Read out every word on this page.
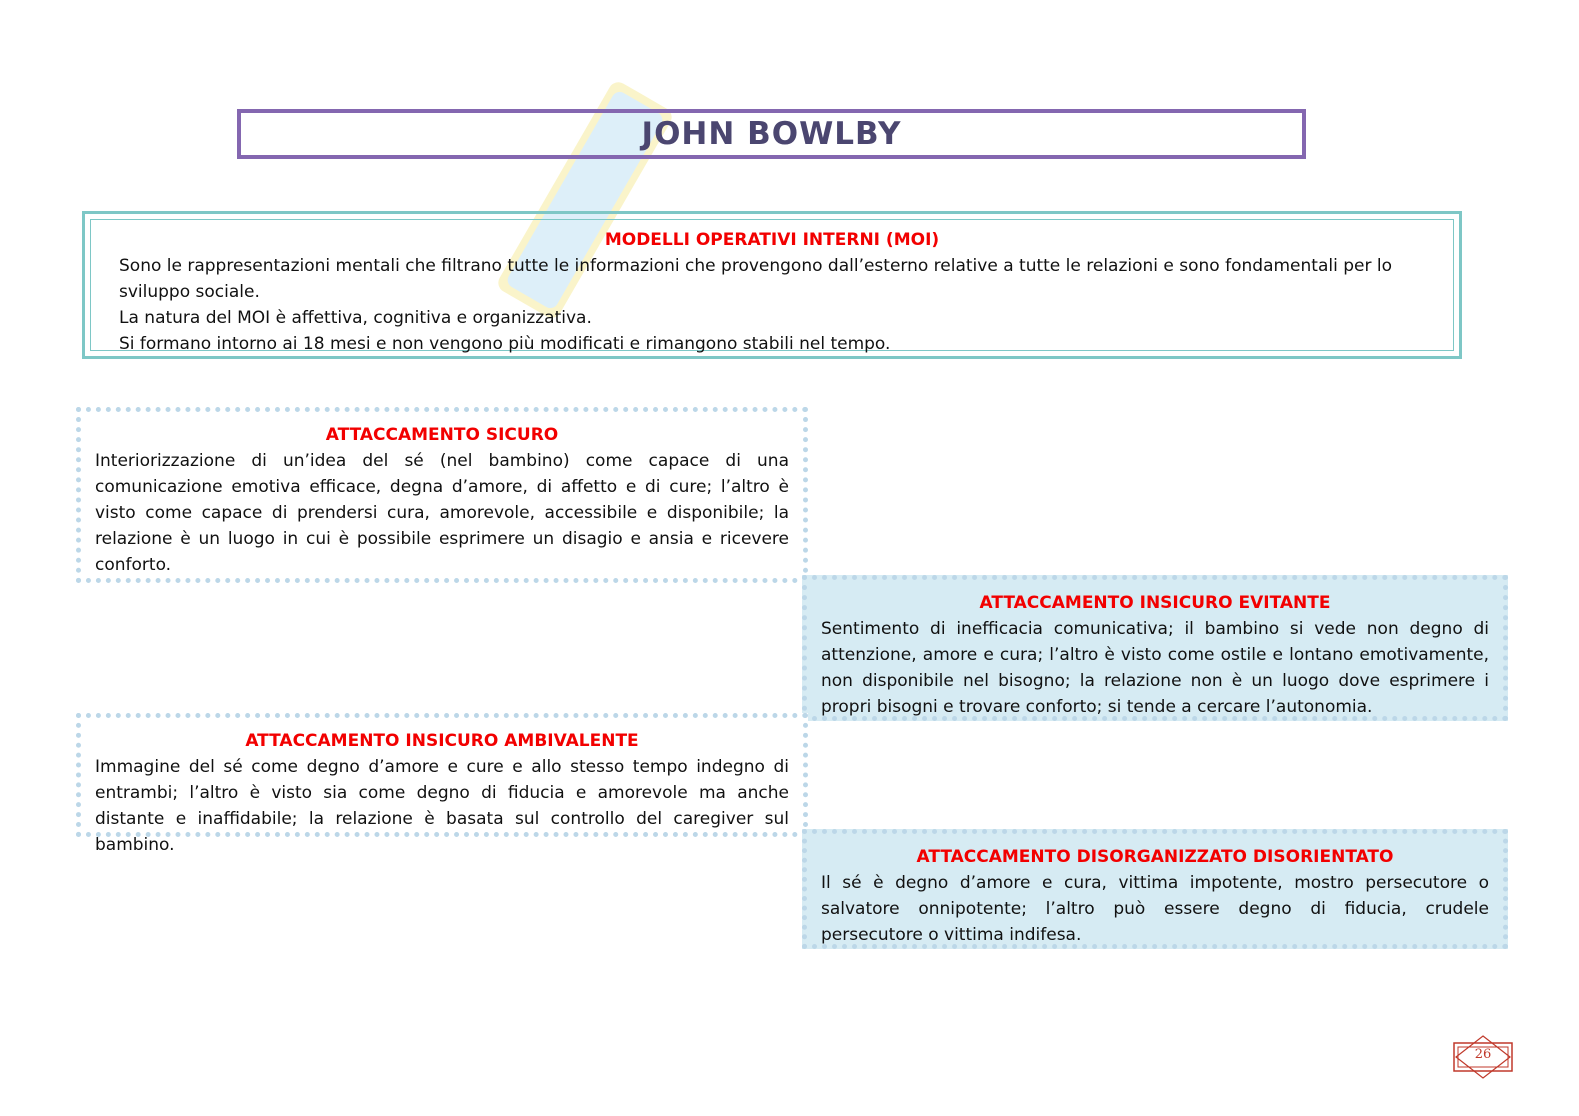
JOHN BOWLBY
MODELLI OPERATIVI INTERNI (MOI)

Sono le rappresentazioni mentali che filtrano tutte le informazioni che provengono dall’esterno relative a tutte le relazioni e sono fondamentali per lo sviluppo sociale.

La natura del MOI è affettiva, cognitiva e organizzativa.

Si formano intorno ai 18 mesi e non vengono più modificati e rimangono stabili nel tempo.

ATTACCAMENTO SICURO
Interiorizzazione di un’idea del sé (nel bambino) come capace di una comunicazione emotiva efficace, degna d’amore, di affetto e di cure; l’altro è visto come capace di prendersi cura, amorevole, accessibile e disponibile; la relazione è un luogo in cui è possibile esprimere un disagio e ansia e ricevere conforto.
ATTACCAMENTO INSICURO EVITANTE
Sentimento di inefficacia comunicativa; il bambino si vede non degno di attenzione, amore e cura; l’altro è visto come ostile e lontano emotivamente, non disponibile nel bisogno; la relazione non è un luogo dove esprimere i propri bisogni e trovare conforto; si tende a cercare l’autonomia.
ATTACCAMENTO INSICURO AMBIVALENTE
Immagine del sé come degno d’amore e cure e allo stesso tempo indegno di entrambi; l’altro è visto sia come degno di fiducia e amorevole ma anche distante e inaffidabile; la relazione è basata sul controllo del caregiver sul bambino.
ATTACCAMENTO DISORGANIZZATO DISORIENTATO
Il sé è degno d’amore e cura, vittima impotente, mostro persecutore o salvatore onnipotente; l’altro può essere degno di fiducia, crudele persecutore o vittima indifesa.
26
